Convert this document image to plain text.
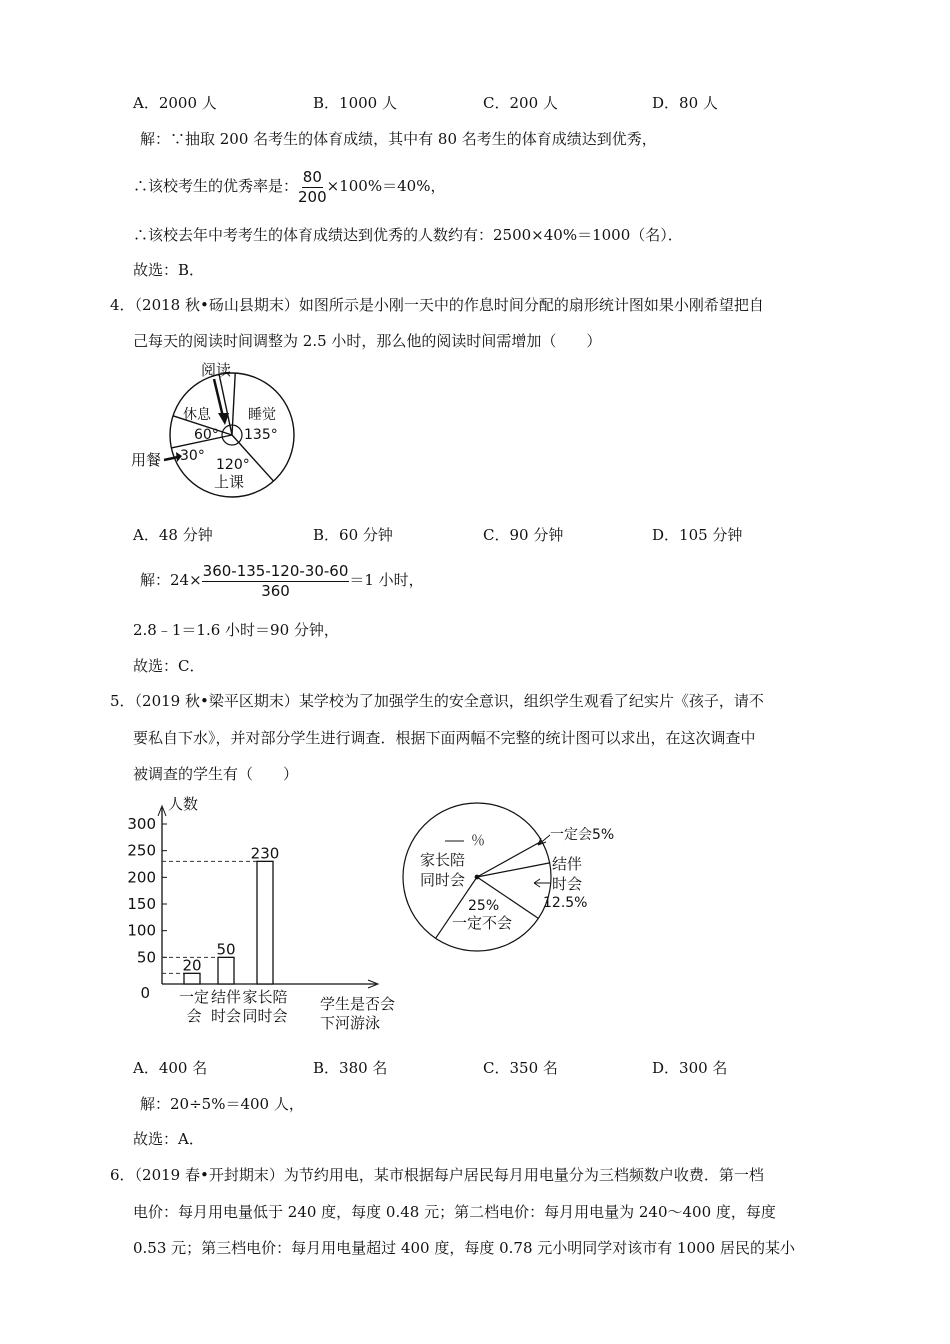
A．2000 人	B．1000 人	C．200 人	D．80 人
解：∵抽取 200 名考生的体育成绩，其中有 80 名考生的体育成绩达到优秀，
∴该校考生的优秀率是： $\frac{80}{200} \times 100\%=40\%$，
∴该校去年中考考生的体育成绩达到优秀的人数约有：2500×40%＝1000（名）．
故选：B．
4．（2018 秋•砀山县期末）如图所示是小刚一天中的作息时间分配的扇形统计图如果小刚希望把自
己每天的阅读时间调整为 2.5 小时，那么他的阅读时间需增加（　　）
阅读
休息
60°
睡觉
135°
用餐 30°
120°
上课
A．48 分钟	B．60 分钟	C．90 分钟	D．105 分钟
解：$24\times \frac{360-135-120-30-60}{360} =1$ 小时，
2.8﹣1＝1.6 小时＝90 分钟，
故选：C．
5．（2019 秋•梁平区期末）某学校为了加强学生的安全意识，组织学生观看了纪实片《孩子，请不
要私自下水》，并对部分学生进行调查．根据下面两幅不完整的统计图可以求出，在这次调查中
被调查的学生有（　　）
0
50
100
150
200
250
300
20
一定
会
50
结伴
时会
230
家长陪
同时会
人数
学生是否会
下河游泳
％
家长陪
同时会
一定会5%
结伴
时会
12.5%
25%
一定不会
A．400 名	B．380 名	C．350 名	D．300 名
解：20÷5%＝400 人，
故选：A．
6．（2019 春•开封期末）为节约用电，某市根据每户居民每月用电量分为三档频数户收费．第一档
电价：每月用电量低于 240 度，每度 0.48 元；第二档电价：每月用电量为 240～400 度，每度
0.53 元；第三档电价：每月用电量超过 400 度，每度 0.78 元小明同学对该市有 1000 居民的某小
